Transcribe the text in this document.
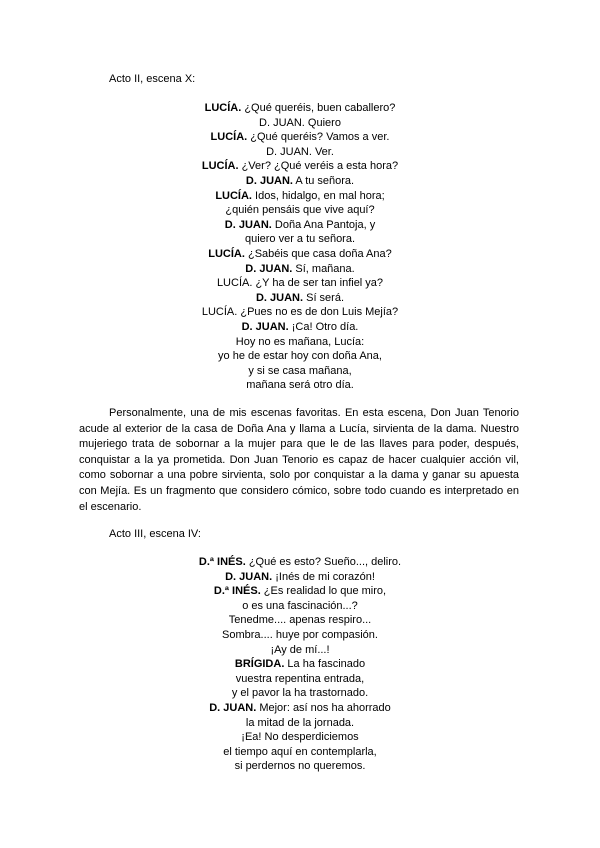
Acto II, escena X:
LUCÍA. ¿Qué queréis, buen caballero?
D. JUAN. Quiero
LUCÍA. ¿Qué queréis? Vamos a ver.
D. JUAN. Ver.
LUCÍA. ¿Ver? ¿Qué veréis a esta hora?
D. JUAN. A tu señora.
LUCÍA. Idos, hidalgo, en mal hora;
¿quién pensáis que vive aquí?
D. JUAN. Doña Ana Pantoja, y
quiero ver a tu señora.
LUCÍA. ¿Sabéis que casa doña Ana?
D. JUAN. Sí, mañana.
LUCÍA. ¿Y ha de ser tan infiel ya?
D. JUAN. Sí será.
LUCÍA. ¿Pues no es de don Luis Mejía?
D. JUAN. ¡Ca! Otro día.
Hoy no es mañana, Lucía:
yo he de estar hoy con doña Ana,
y si se casa mañana,
mañana será otro día.
Personalmente, una de mis escenas favoritas. En esta escena, Don Juan Tenorio acude al exterior de la casa de Doña Ana y llama a Lucía, sirvienta de la dama. Nuestro mujeriego trata de sobornar a la mujer para que le de las llaves para poder, después, conquistar a la ya prometida. Don Juan Tenorio es capaz de hacer cualquier acción vil, como sobornar a una pobre sirvienta, solo por conquistar a la dama y ganar su apuesta con Mejía. Es un fragmento que considero cómico, sobre todo cuando es interpretado en el escenario.
Acto III, escena IV:
D.ª INÉS. ¿Qué es esto? Sueño..., deliro.
D. JUAN. ¡Inés de mi corazón!
D.ª INÉS. ¿Es realidad lo que miro,
o es una fascinación...?
Tenedme.... apenas respiro...
Sombra.... huye por compasión.
¡Ay de mí...!
BRÍGIDA. La ha fascinado
vuestra repentina entrada,
y el pavor la ha trastornado.
D. JUAN. Mejor: así nos ha ahorrado
la mitad de la jornada.
¡Ea! No desperdiciemos
el tiempo aquí en contemplarla,
si perdernos no queremos.
